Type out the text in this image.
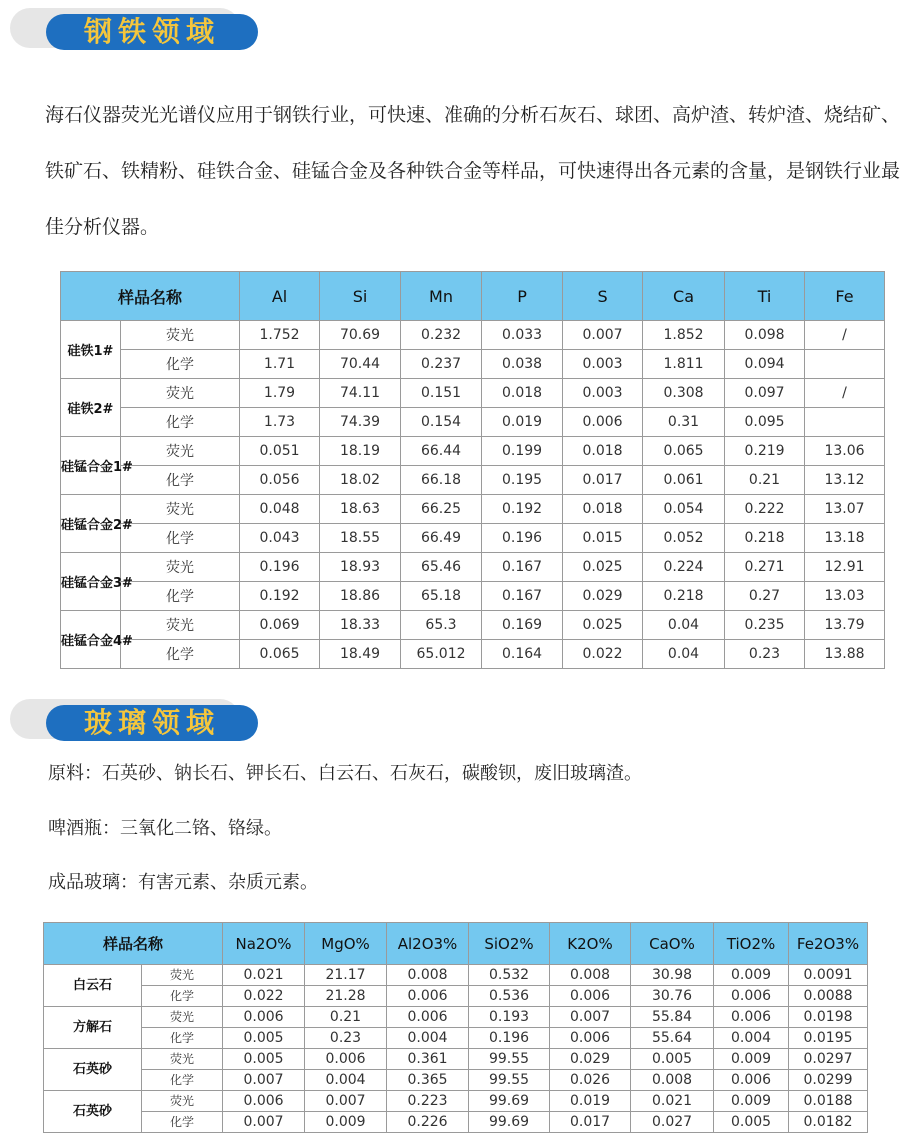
钢铁领域
海石仪器荧光光谱仪应用于钢铁行业，可快速、准确的分析石灰石、球团、高炉渣、转炉渣、烧结矿、铁矿石、铁精粉、硅铁合金、硅锰合金及各种铁合金等样品，可快速得出各元素的含量，是钢铁行业最佳分析仪器。
样品名称		Al	Si	Mn	P	S	Ca	Ti	Fe
硅铁1#	荧光	1.752	70.69	0.232	0.033	0.007	1.852	0.098	/
	化学	1.71	70.44	0.237	0.038	0.003	1.811	0.094	
硅铁2#	荧光	1.79	74.11	0.151	0.018	0.003	0.308	0.097	/
	化学	1.73	74.39	0.154	0.019	0.006	0.31	0.095	
硅锰合金1#	荧光	0.051	18.19	66.44	0.199	0.018	0.065	0.219	13.06
	化学	0.056	18.02	66.18	0.195	0.017	0.061	0.21	13.12
硅锰合金2#	荧光	0.048	18.63	66.25	0.192	0.018	0.054	0.222	13.07
	化学	0.043	18.55	66.49	0.196	0.015	0.052	0.218	13.18
硅锰合金3#	荧光	0.196	18.93	65.46	0.167	0.025	0.224	0.271	12.91
	化学	0.192	18.86	65.18	0.167	0.029	0.218	0.27	13.03
硅锰合金4#	荧光	0.069	18.33	65.3	0.169	0.025	0.04	0.235	13.79
	化学	0.065	18.49	65.012	0.164	0.022	0.04	0.23	13.88
玻璃领域
原料：石英砂、钠长石、钾长石、白云石、石灰石，碳酸钡，废旧玻璃渣。
啤酒瓶：三氧化二铬、铬绿。
成品玻璃：有害元素、杂质元素。
样品名称		Na2O%	MgO%	Al2O3%	SiO2%	K2O%	CaO%	TiO2%	Fe2O3%
白云石	荧光	0.021	21.17	0.008	0.532	0.008	30.98	0.009	0.0091
	化学	0.022	21.28	0.006	0.536	0.006	30.76	0.006	0.0088
方解石	荧光	0.006	0.21	0.006	0.193	0.007	55.84	0.006	0.0198
	化学	0.005	0.23	0.004	0.196	0.006	55.64	0.004	0.0195
石英砂	荧光	0.005	0.006	0.361	99.55	0.029	0.005	0.009	0.0297
	化学	0.007	0.004	0.365	99.55	0.026	0.008	0.006	0.0299
石英砂	荧光	0.006	0.007	0.223	99.69	0.019	0.021	0.009	0.0188
	化学	0.007	0.009	0.226	99.69	0.017	0.027	0.005	0.0182
